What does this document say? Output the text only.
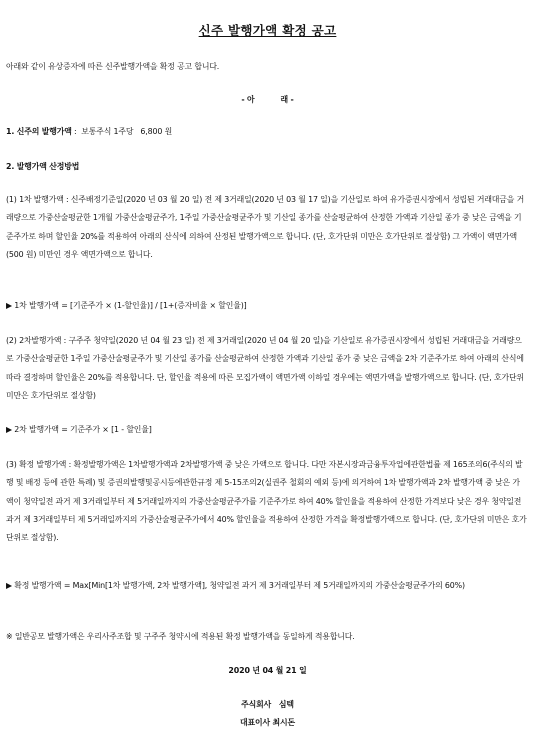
신주 발행가액 확정 공고

아래와 같이 유상증자에 따른 신주발행가액을 확정 공고 합니다.

- 아          래 -

1. 신주의 발행가액 :  보통주식 1주당   6,800 원

2. 발행가액 산정방법

(1) 1차 발행가액 : 신주배정기준일(2020 년 03 월 20 일) 전 제 3거래일(2020 년 03 월 17 일)을 기산일로 하여 유가증권시장에서 성립된 거래대금을 거래량으로 가중산술평균한 1개월 가중산술평균주가, 1주일 가중산술평균주가 및 기산일 종가를 산술평균하여 산정한 가액과 기산일 종가 중 낮은 금액을 기준주가로 하며 할인율 20%를 적용하여 아래의 산식에 의하여 산정된 발행가액으로 합니다. (단, 호가단위 미만은 호가단위로 절상함) 그 가액이 액면가액(500 원) 미만인 경우 액면가액으로 합니다.

▶ 1차 발행가액 = [기준주가 × (1-할인율)] / [1+(증자비율 × 할인율)]

(2) 2차발행가액 : 구주주 청약일(2020 년 04 월 23 일) 전 제 3거래일(2020 년 04 월 20 일)을 기산일로 유가증권시장에서 성립된 거래대금을 거래량으로 가중산술평균한 1주일 가중산술평균주가 및 기산일 종가를 산술평균하여 산정한 가액과 기산일 종가 중 낮은 금액을 2차 기준주가로 하여 아래의 산식에 따라 결정하며 할인율은 20%를 적용합니다. 단, 할인율 적용에 따른 모집가액이 액면가액 이하일 경우에는 액면가액을 발행가액으로 합니다. (단, 호가단위 미만은 호가단위로 절상함)

▶ 2차 발행가액 = 기준주가 × [1 - 할인율]

(3) 확정 발행가액 : 확정발행가액은 1차발행가액과 2차발행가액 중 낮은 가액으로 합니다. 다만 자본시장과금융투자업에관한법률 제 165조의6(주식의 발행 및 배정 등에 관한 특례) 및 증권의발행및공시등에관한규정 제 5-15조의2(실권주 철회의 예외 등)에 의거하여 1차 발행가액과 2차 발행가액 중 낮은 가액이 청약일전 과거 제 3거래일부터 제 5거래일까지의 가중산술평균주가를 기준주가로 하여 40% 할인율을 적용하여 산정한 가격보다 낮은 경우 청약일전 과거 제 3거래일부터 제 5거래일까지의 가중산술평균주가에서 40% 할인율을 적용하여 산정한 가격을 확정발행가액으로 합니다. (단, 호가단위 미만은 호가단위로 절상함).

▶ 확정 발행가액 = Max[Min[1차 발행가액, 2차 발행가액], 청약일전 과거 제 3거래일부터 제 5거래일까지의 가중산술평균주가의 60%)

※ 일반공모 발행가액은 우리사주조합 및 구주주 청약시에 적용된 확정 발행가액을 동일하게 적용합니다.

2020 년 04 월 21 일

주식회사   심텍

대표이사 최시돈
